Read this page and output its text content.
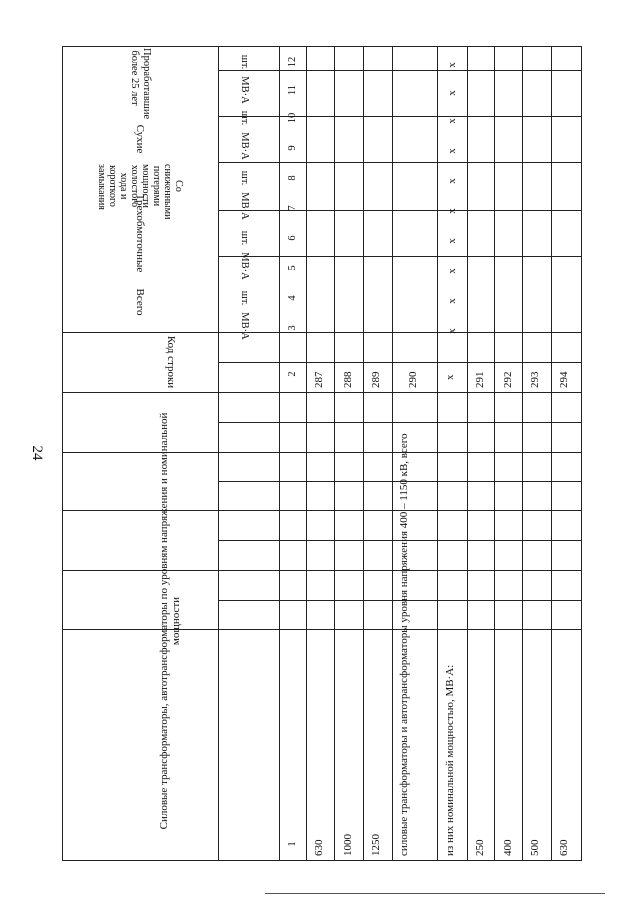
24	Силовые трансформаторы, автотрансформаторы по уровням напряжения и номинальной мощности
Код строки
Проработавшие более 25 лет
Сухие
Со сниженными потерями мощности холостого хода и короткого замыкания
Трехобмоточные
Всего
МВ·А
шт.
МВ·А
шт.
МВ·А
шт.
МВ·А
шт.
МВ·А
шт.
1
2
3
4
5
6
7
8
9
10
11
12
630 1000 1250 силовые трансформаторы и автотрансформаторы уровня напряжения 400 – 1150 кВ, всего	из них номинальной мощностью, МВ·А: 250 400 500 630
287 288 289 290 x 291 292 293 294
x
x
x
x
x
x
x
x
x
x
